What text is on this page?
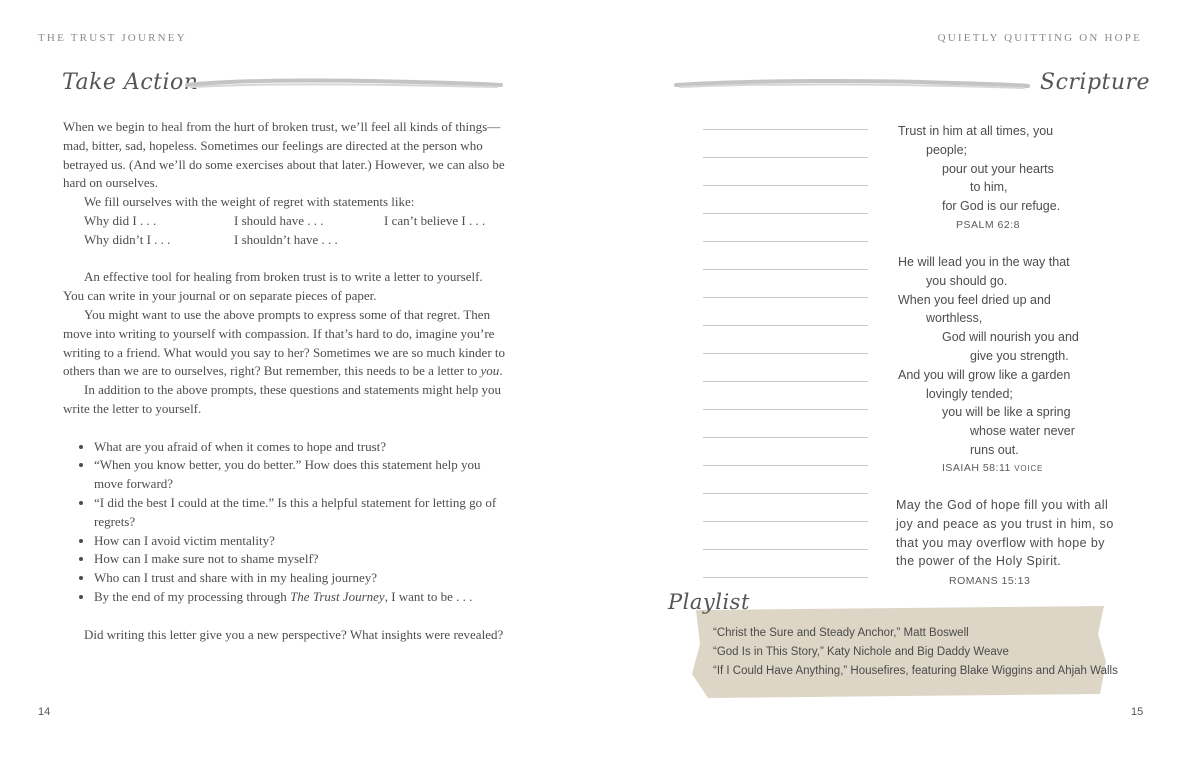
THE TRUST JOURNEY	QUIETLY QUITTING ON HOPE
Take Action

When we begin to heal from the hurt of broken trust, we’ll feel all kinds of things—mad, bitter, sad, hopeless. Sometimes our feelings are directed at the person who betrayed us. (And we’ll do some exercises about that later.) However, we can also be hard on ourselves.

We fill ourselves with the weight of regret with statements like:

An effective tool for healing from broken trust is to write a letter to yourself. You can write in your journal or on separate pieces of paper.

You might want to use the above prompts to express some of that regret. Then move into writing to yourself with compassion. If that’s hard to do, imagine you’re writing to a friend. What would you say to her? Sometimes we are so much kinder to others than we are to ourselves, right? But remember, this needs to be a letter to you.

In addition to the above prompts, these questions and statements might help you write the letter to yourself.

• What are you afraid of when it comes to hope and trust?
• “When you know better, you do better.” How does this statement help you move forward?
• “I did the best I could at the time.” Is this a helpful statement for letting go of regrets?
• How can I avoid victim mentality?
• How can I make sure not to shame myself?
• Who can I trust and share with in my healing journey?
• By the end of my processing through The Trust Journey, I want to be . . .

Did writing this letter give you a new perspective? What insights were revealed?

Why did I . . .	I should have . . .	I can’t believe I . . .
Why didn’t I . . .	I shouldn’t have . . .
14
Scripture
Trust in him at all times, you
people;
pour out your hearts
to him,
for God is our refuge.
PSALM 62:8
He will lead you in the way that
you should go.
When you feel dried up and
worthless,
God will nourish you and
give you strength.
And you will grow like a garden
lovingly tended;
you will be like a spring
whose water never
runs out.
ISAIAH 58:11 VOICE
May the God of hope fill you with all
joy and peace as you trust in him, so
that you may overflow with hope by
the power of the Holy Spirit.
ROMANS 15:13
Playlist
“Christ the Sure and Steady Anchor,” Matt Boswell
“God Is in This Story,” Katy Nichole and Big Daddy Weave
“If I Could Have Anything,” Housefires, featuring Blake Wiggins and Ahjah Walls
15
